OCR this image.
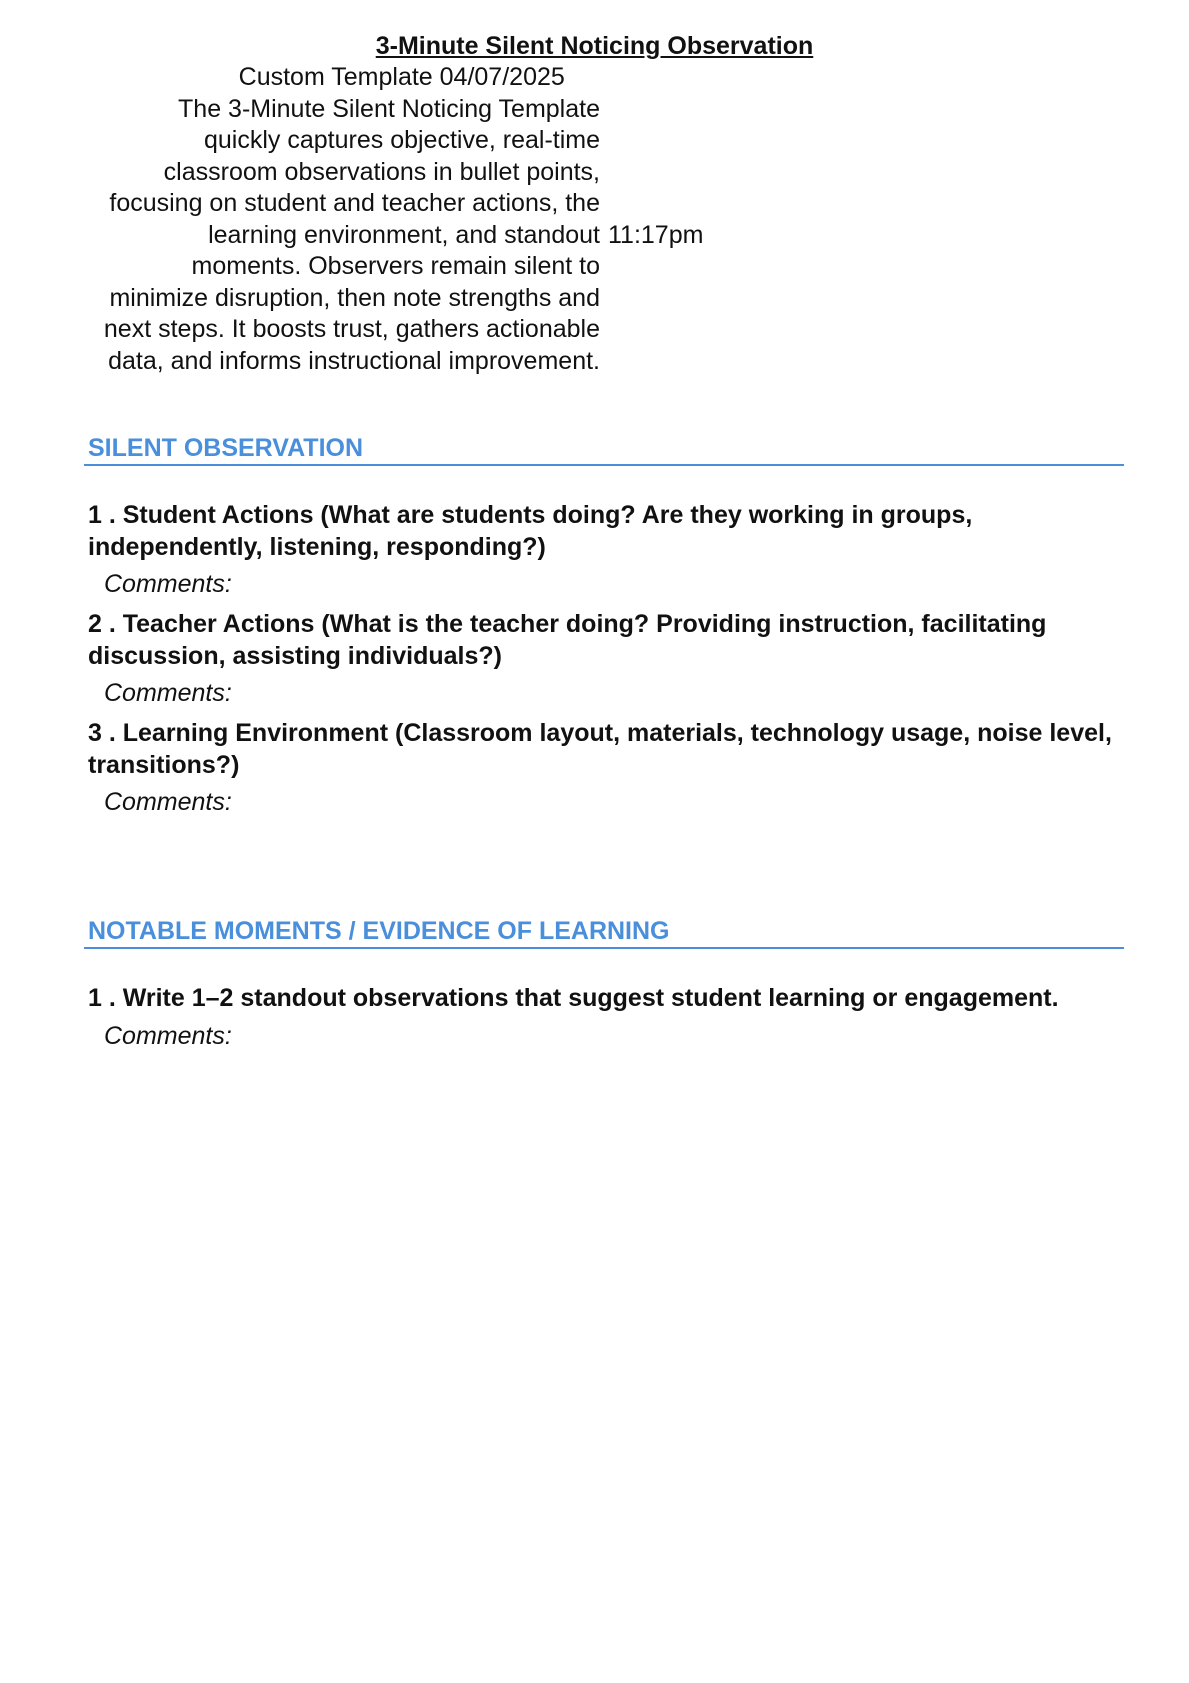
3-Minute Silent Noticing Observation
Custom Template 04/07/2025
The 3-Minute Silent Noticing Template quickly captures objective, real-time classroom observations in bullet points, focusing on student and teacher actions, the learning environment, and standout moments. Observers remain silent to minimize disruption, then note strengths and next steps. It boosts trust, gathers actionable data, and informs instructional improvement.	11:17pm
SILENT OBSERVATION
1 . Student Actions (What are students doing? Are they working in groups, independently, listening, responding?)
Comments:
2 . Teacher Actions (What is the teacher doing? Providing instruction, facilitating discussion, assisting individuals?)
Comments:
3 . Learning Environment (Classroom layout, materials, technology usage, noise level, transitions?)
Comments:
NOTABLE MOMENTS / EVIDENCE OF LEARNING
1 . Write 1–2 standout observations that suggest student learning or engagement.
Comments:
